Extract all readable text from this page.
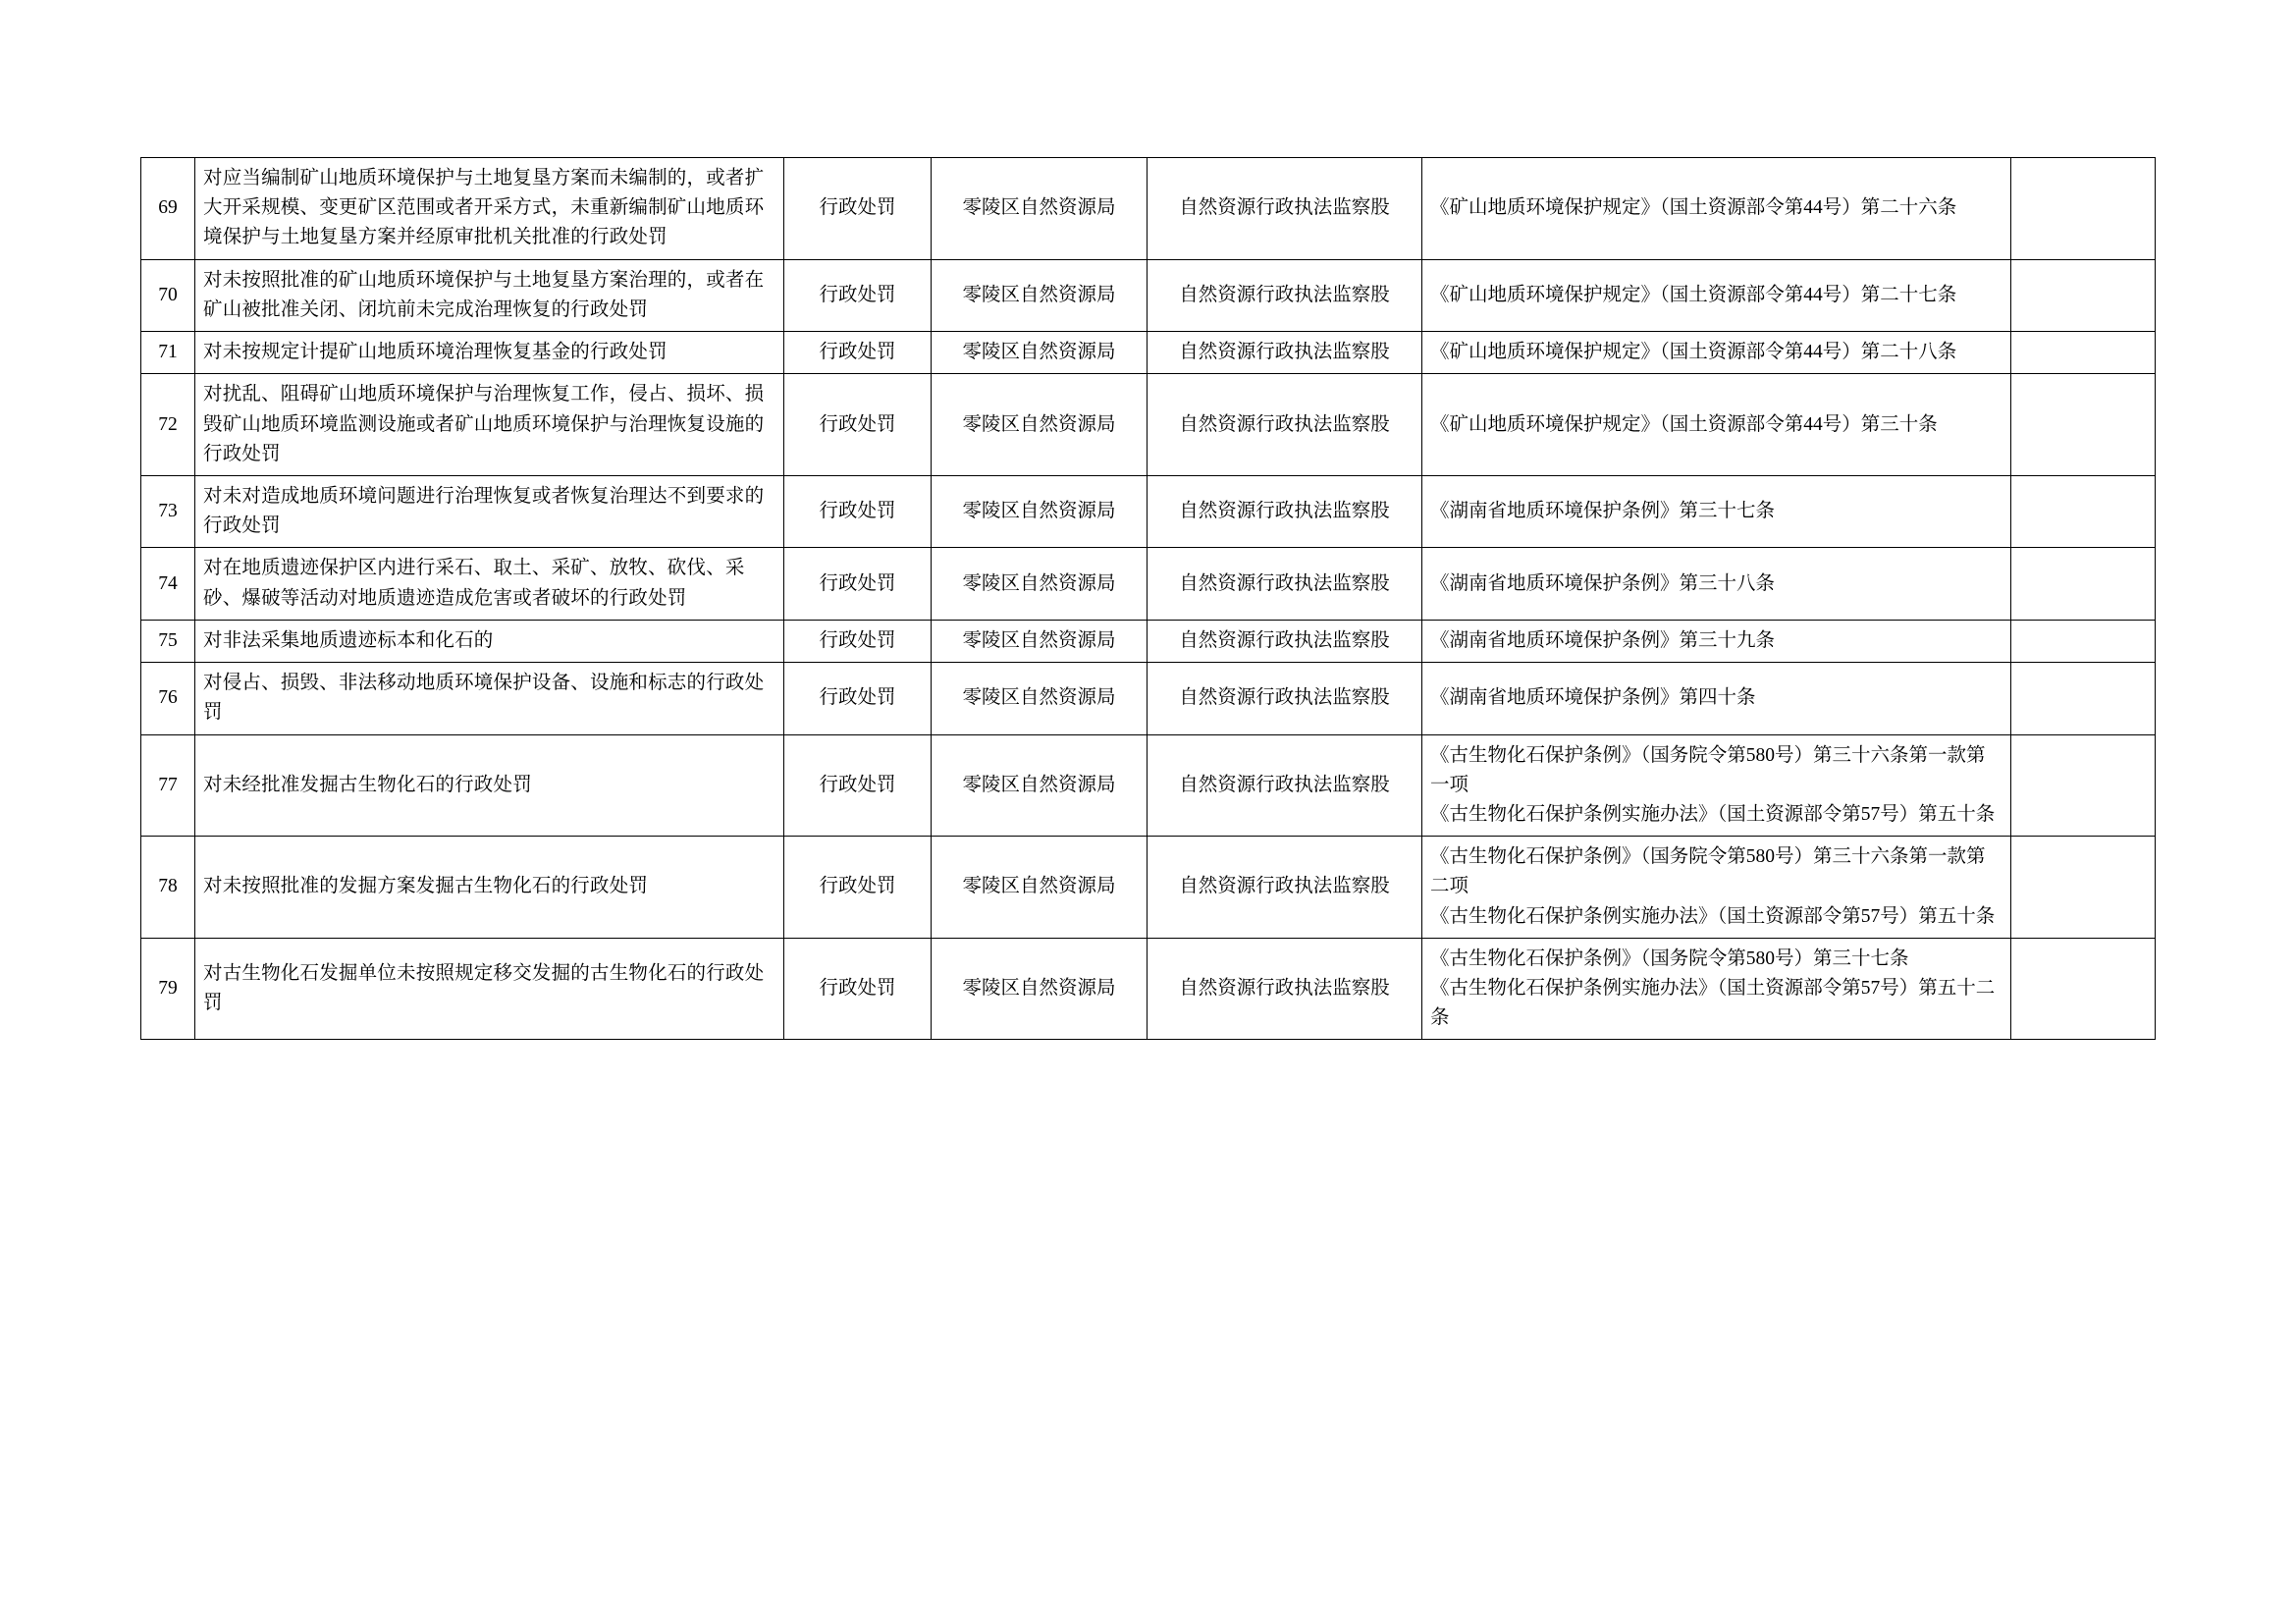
69	对应当编制矿山地质环境保护与土地复垦方案而未编制的，或者扩大开采规模、变更矿区范围或者开采方式，未重新编制矿山地质环境保护与土地复垦方案并经原审批机关批准的行政处罚	行政处罚	零陵区自然资源局	自然资源行政执法监察股	《矿山地质环境保护规定》（国土资源部令第44号）第二十六条	

70	对未按照批准的矿山地质环境保护与土地复垦方案治理的，或者在矿山被批准关闭、闭坑前未完成治理恢复的行政处罚	行政处罚	零陵区自然资源局	自然资源行政执法监察股	《矿山地质环境保护规定》（国土资源部令第44号）第二十七条	

71	对未按规定计提矿山地质环境治理恢复基金的行政处罚	行政处罚	零陵区自然资源局	自然资源行政执法监察股	《矿山地质环境保护规定》（国土资源部令第44号）第二十八条	

72	对扰乱、阻碍矿山地质环境保护与治理恢复工作，侵占、损坏、损毁矿山地质环境监测设施或者矿山地质环境保护与治理恢复设施的行政处罚	行政处罚	零陵区自然资源局	自然资源行政执法监察股	《矿山地质环境保护规定》（国土资源部令第44号）第三十条	

73	对未对造成地质环境问题进行治理恢复或者恢复治理达不到要求的行政处罚	行政处罚	零陵区自然资源局	自然资源行政执法监察股	《湖南省地质环境保护条例》第三十七条	

74	对在地质遗迹保护区内进行采石、取土、采矿、放牧、砍伐、采砂、爆破等活动对地质遗迹造成危害或者破坏的行政处罚	行政处罚	零陵区自然资源局	自然资源行政执法监察股	《湖南省地质环境保护条例》第三十八条	

75	对非法采集地质遗迹标本和化石的	行政处罚	零陵区自然资源局	自然资源行政执法监察股	《湖南省地质环境保护条例》第三十九条	

76	对侵占、损毁、非法移动地质环境保护设备、设施和标志的行政处罚	行政处罚	零陵区自然资源局	自然资源行政执法监察股	《湖南省地质环境保护条例》第四十条	

77	对未经批准发掘古生物化石的行政处罚	行政处罚	零陵区自然资源局	自然资源行政执法监察股	《古生物化石保护条例》（国务院令第580号）第三十六条第一款第一项
《古生物化石保护条例实施办法》（国土资源部令第57号）第五十条	

78	对未按照批准的发掘方案发掘古生物化石的行政处罚	行政处罚	零陵区自然资源局	自然资源行政执法监察股	《古生物化石保护条例》（国务院令第580号）第三十六条第一款第二项
《古生物化石保护条例实施办法》（国土资源部令第57号）第五十条	

79	对古生物化石发掘单位未按照规定移交发掘的古生物化石的行政处罚	行政处罚	零陵区自然资源局	自然资源行政执法监察股	《古生物化石保护条例》（国务院令第580号）第三十七条
《古生物化石保护条例实施办法》（国土资源部令第57号）第五十二条	
